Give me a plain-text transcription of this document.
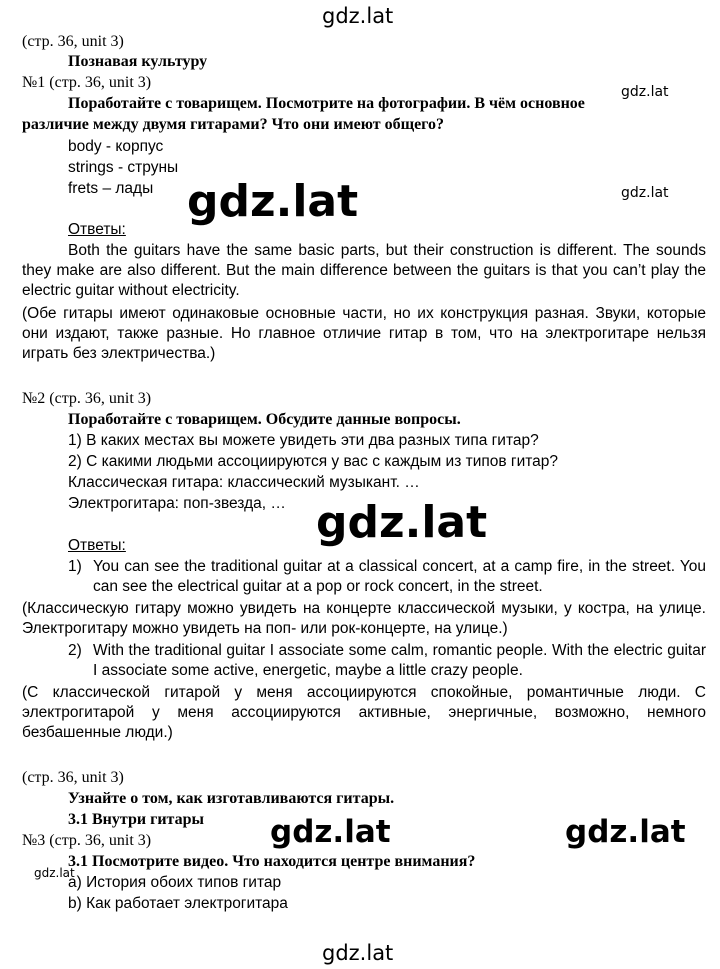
gdz.lat
gdz.lat
gdz.lat	gdz.lat
gdz.lat
gdz.lat	gdz.lat
gdz.lat
gdz.lat
(стр. 36, unit 3)
Познавая культуру
№1 (стр. 36, unit 3)
Поработайте с товарищем. Посмотрите на фотографии. В чём основное
различие между двумя гитарами? Что они имеют общего?
body - корпус
strings - струны
frets – лады
Ответы:
Both the guitars have the same basic parts, but their construction is different. The sounds they make are also different. But the main difference between the guitars is that you can’t play the electric guitar without electricity.
(Обе гитары имеют одинаковые основные части, но их конструкция разная. Звуки, которые они издают, также разные. Но главное отличие гитар в том, что на электрогитаре нельзя играть без электричества.)
№2 (стр. 36, unit 3)
Поработайте с товарищем. Обсудите данные вопросы.
1) В каких местах вы можете увидеть эти два разных типа гитар?
2) С какими людьми ассоциируются у вас с каждым из типов гитар?
Классическая гитара: классический музыкант. …
Электрогитара: поп-звезда, …
Ответы:
1) You can see the traditional guitar at a classical concert, at a camp fire, in the street. You can see the electrical guitar at a pop or rock concert, in the street.
(Классическую гитару можно увидеть на концерте классической музыки, у костра, на улице. Электрогитару можно увидеть на поп- или рок-концерте, на улице.)
2) With the traditional guitar I associate some calm, romantic people. With the electric guitar I associate some active, energetic, maybe a little crazy people.
(С классической гитарой у меня ассоциируются спокойные, романтичные люди. С электрогитарой у меня ассоциируются активные, энергичные, возможно, немного безбашенные люди.)
(стр. 36, unit 3)
Узнайте о том, как изготавливаются гитары.
3.1 Внутри гитары
№3 (стр. 36, unit 3)
3.1 Посмотрите видео. Что находится центре внимания?
a) История обоих типов гитар
b) Как работает электрогитара
